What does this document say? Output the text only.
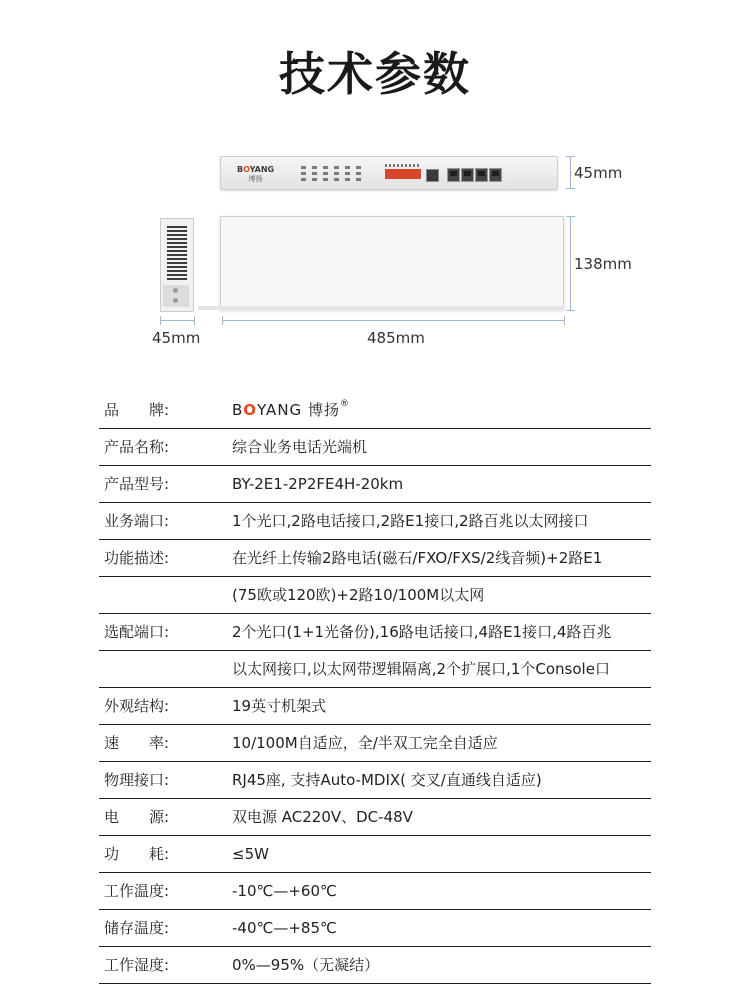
技术参数
BOYANG
博扬	45mm
138mm
45mm	485mm
品　　牌:	BOYANG 博扬®
产品名称:	综合业务电话光端机
产品型号:	BY-2E1-2P2FE4H-20km
业务端口:	1个光口,2路电话接口,2路E1接口,2路百兆以太网接口
功能描述:	在光纤上传输2路电话(磁石/FXO/FXS/2线音频)+2路E1
(75欧或120欧)+2路10/100M以太网
选配端口:	2个光口(1+1光备份),16路电话接口,4路E1接口,4路百兆
以太网接口,以太网带逻辑隔离,2个扩展口,1个Console口
外观结构:	19英寸机架式
速　　率:	10/100M自适应，全/半双工完全自适应
物理接口:	RJ45座, 支持Auto-MDIX( 交叉/直通线自适应)
电　　源:	双电源 AC220V、DC-48V
功　　耗:	≤5W
工作温度:	-10℃—+60℃
储存温度:	-40℃—+85℃
工作湿度:	0%—95%（无凝结）
